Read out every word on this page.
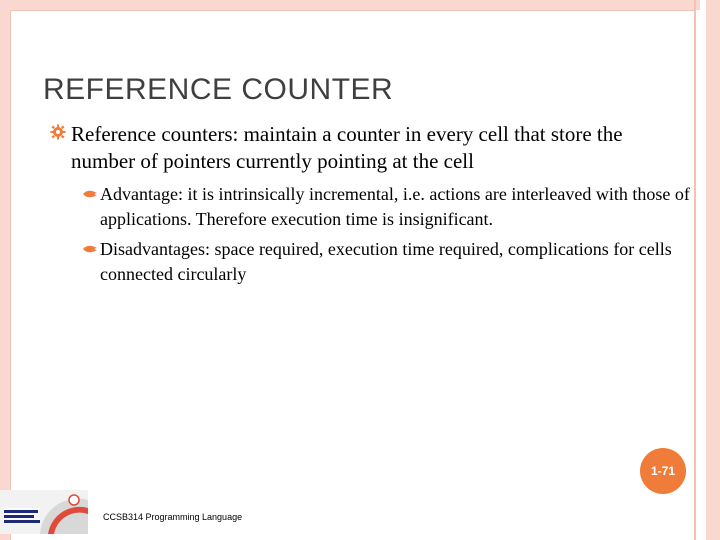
REFERENCE COUNTER
Reference counters: maintain a counter in every cell that store the number of pointers currently pointing at the cell
Advantage: it is intrinsically incremental, i.e. actions are interleaved with those of applications. Therefore execution time is insignificant.
Disadvantages: space required, execution time required, complications for cells connected circularly
1-71
CCSB314 Programming Language
